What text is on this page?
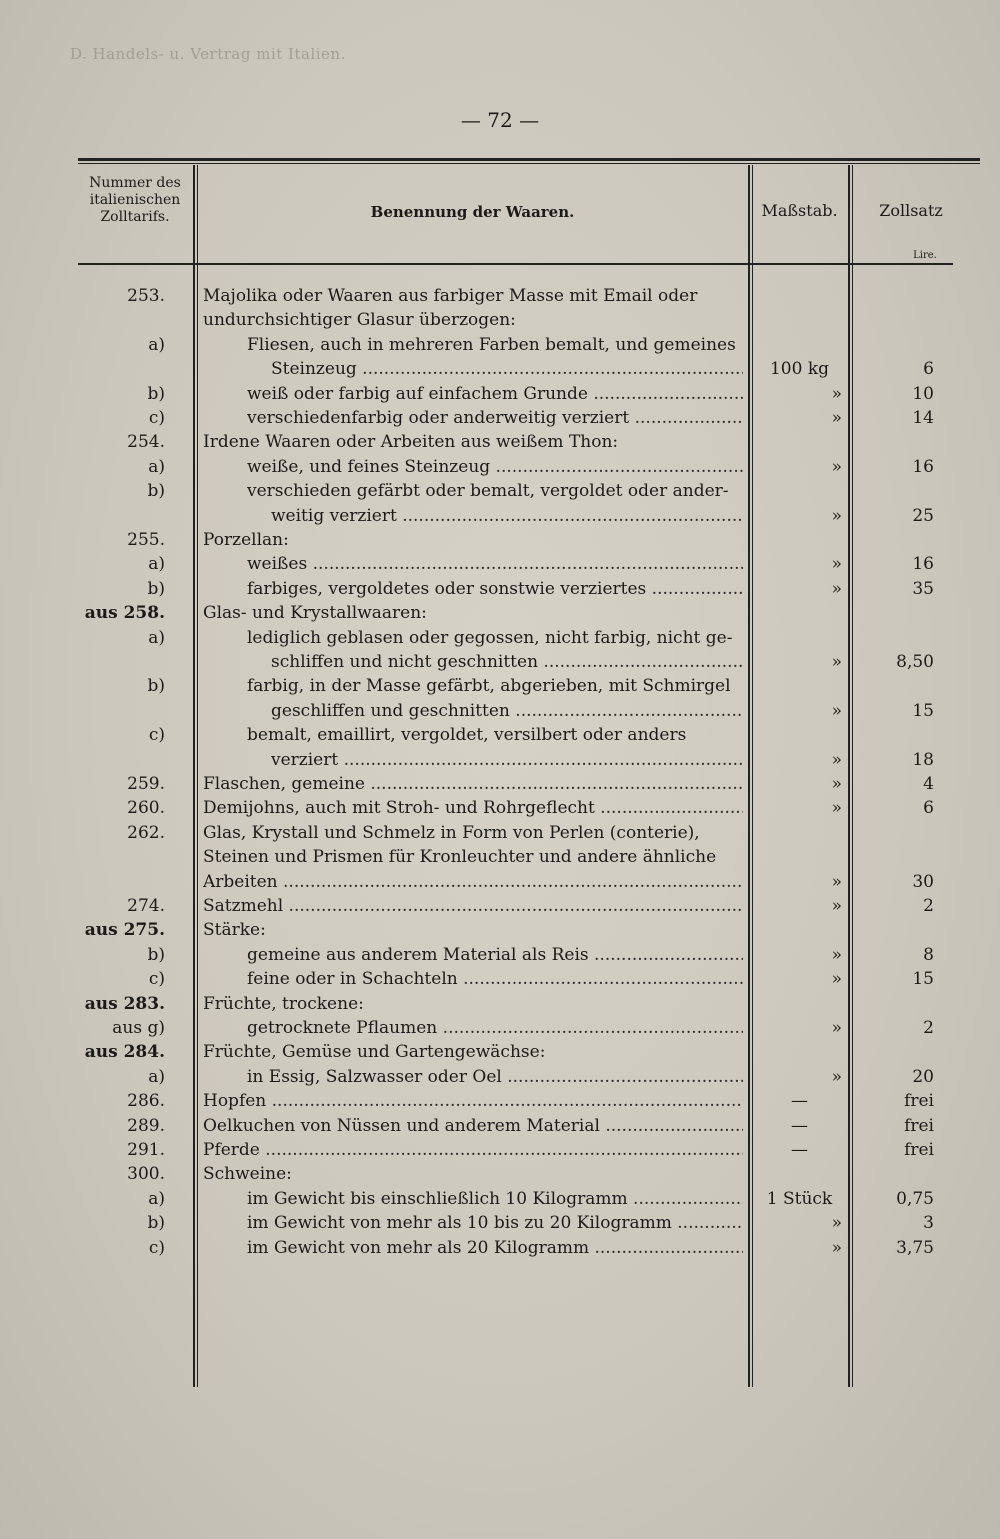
D. Handels- u. Vertrag mit Italien.
— 72 —
Nummer des italienischen Zolltarifs.	Benennung der Waaren.	Maßstab.	Zollsatz
Lire.
253. Majolika oder Waaren aus farbiger Masse mit Email oder
undurchsichtiger Glasur überzogen:
a)	Fliesen, auch in mehreren Farben bemalt, und gemeines
Steinzeug .....	100 kg	6
b)	weiß oder farbig auf einfachem Grunde .....	»	10
c)	verschiedenfarbig oder anderweitig verziert .....	»	14
254. Irdene Waaren oder Arbeiten aus weißem Thon:
a)	weiße, und feines Steinzeug .....	»	16
b)	verschieden gefärbt oder bemalt, vergoldet oder ander-
weitig verziert .....	»	25
255. Porzellan:
a)	weißes .....	»	16
b)	farbiges, vergoldetes oder sonstwie verziertes .....	»	35
aus 258. Glas- und Krystallwaaren:
a)	lediglich geblasen oder gegossen, nicht farbig, nicht ge-
schliffen und nicht geschnitten .....	»	8,50
b)	farbig, in der Masse gefärbt, abgerieben, mit Schmirgel
geschliffen und geschnitten .....	»	15
c)	bemalt, emaillirt, vergoldet, versilbert oder anders
verziert .....	»	18
259. Flaschen, gemeine .....	»	4
260. Demijohns, auch mit Stroh- und Rohrgeflecht .....	»	6
262. Glas, Krystall und Schmelz in Form von Perlen (conterie),
Steinen und Prismen für Kronleuchter und andere ähnliche
Arbeiten .....	»	30
274. Satzmehl .....	»	2
aus 275. Stärke:
b)	gemeine aus anderem Material als Reis .....	»	8
c)	feine oder in Schachteln .....	»	15
aus 283. Früchte, trockene:
aus g)	getrocknete Pflaumen .....	»	2
aus 284. Früchte, Gemüse und Gartengewächse:
a)	in Essig, Salzwasser oder Oel .....	»	20
286. Hopfen .....	—	frei
289. Oelkuchen von Nüssen und anderem Material .....	—	frei
291. Pferde .....	—	frei
300. Schweine:
a)	im Gewicht bis einschließlich 10 Kilogramm .....	1 Stück	0,75
b)	im Gewicht von mehr als 10 bis zu 20 Kilogramm .....	»	3
c)	im Gewicht von mehr als 20 Kilogramm .....	»	3,75
